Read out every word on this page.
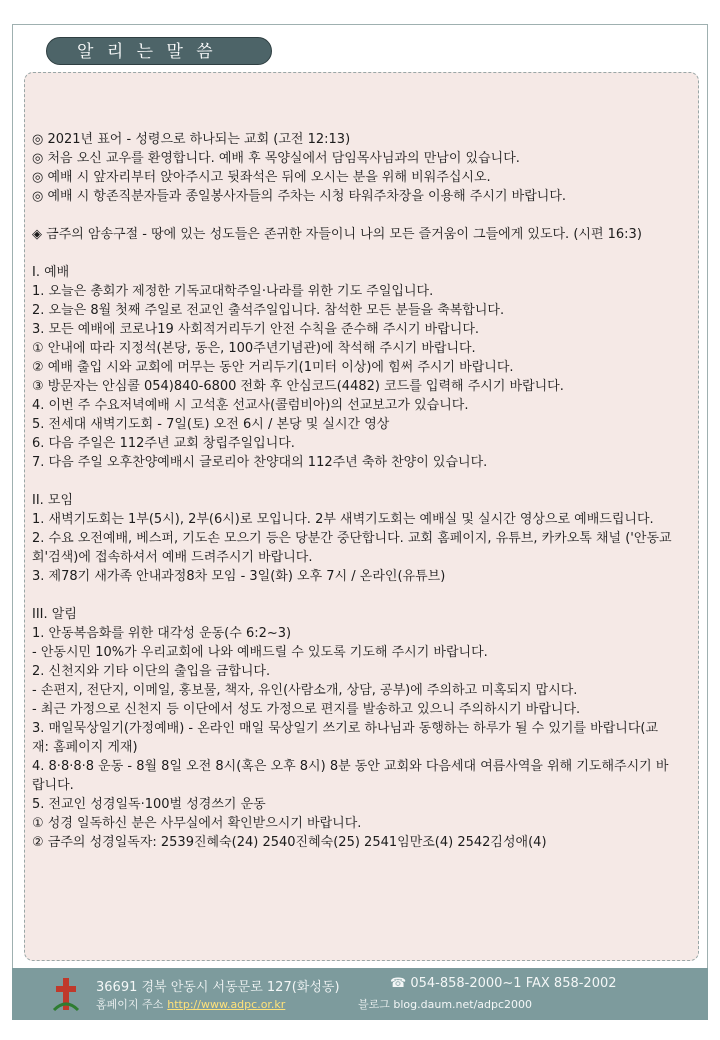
알 리 는 말 씀
◎ 2021년 표어 - 성령으로 하나되는 교회 (고전 12:13)
◎ 처음 오신 교우를 환영합니다. 예배 후 목양실에서 담임목사님과의 만남이 있습니다.
◎ 예배 시 앞자리부터 앉아주시고 뒷좌석은 뒤에 오시는 분을 위해 비워주십시오.
◎ 예배 시 항존직분자들과 종일봉사자들의 주차는 시청 타워주차장을 이용해 주시기 바랍니다.
◈ 금주의 암송구절 - 땅에 있는 성도들은 존귀한 자들이니 나의 모든 즐거움이 그들에게 있도다. (시편 16:3)
I. 예배
1. 오늘은 총회가 제정한 기독교대학주일·나라를 위한 기도 주일입니다.
2. 오늘은 8월 첫째 주일로 전교인 출석주일입니다. 참석한 모든 분들을 축복합니다.
3. 모든 예배에 코로나19 사회적거리두기 안전 수칙을 준수해 주시기 바랍니다.
① 안내에 따라 지정석(본당, 동은, 100주년기념관)에 착석해 주시기 바랍니다.
② 예배 출입 시와 교회에 머무는 동안 거리두기(1미터 이상)에 힘써 주시기 바랍니다.
③ 방문자는 안심콜 054)840-6800 전화 후 안심코드(4482) 코드를 입력해 주시기 바랍니다.
4. 이번 주 수요저녁예배 시 고석훈 선교사(콜럼비아)의 선교보고가 있습니다.
5. 전세대 새벽기도회 - 7일(토) 오전 6시 / 본당 및 실시간 영상
6. 다음 주일은 112주년 교회 창립주일입니다.
7. 다음 주일 오후찬양예배시 글로리아 찬양대의 112주년 축하 찬양이 있습니다.
II. 모임
1. 새벽기도회는 1부(5시), 2부(6시)로 모입니다. 2부 새벽기도회는 예배실 및 실시간 영상으로 예배드립니다.
2. 수요 오전예배, 베스퍼, 기도손 모으기 등은 당분간 중단합니다. 교회 홈페이지, 유튜브, 카카오톡 채널 ('안동교회'검색)에 접속하셔서 예배 드려주시기 바랍니다.
3. 제78기 새가족 안내과정8차 모임 - 3일(화) 오후 7시 / 온라인(유튜브)
III. 알림
1. 안동복음화를 위한 대각성 운동(수 6:2~3)
- 안동시민 10%가 우리교회에 나와 예배드릴 수 있도록 기도해 주시기 바랍니다.
2. 신천지와 기타 이단의 출입을 금합니다.
- 손편지, 전단지, 이메일, 홍보물, 책자, 유인(사람소개, 상담, 공부)에 주의하고 미혹되지 맙시다.
- 최근 가정으로 신천지 등 이단에서 성도 가정으로 편지를 발송하고 있으니 주의하시기 바랍니다.
3. 매일묵상일기(가정예배) - 온라인 매일 묵상일기 쓰기로 하나님과 동행하는 하루가 될 수 있기를 바랍니다(교재: 홈페이지 게재)
4. 8·8·8·8 운동 - 8월 8일 오전 8시(혹은 오후 8시) 8분 동안 교회와 다음세대 여름사역을 위해 기도해주시기 바랍니다.
5. 전교인 성경일독·100벌 성경쓰기 운동
① 성경 일독하신 분은 사무실에서 확인받으시기 바랍니다.
② 금주의 성경일독자: 2539진혜숙(24) 2540진혜숙(25) 2541임만조(4) 2542김성애(4)
36691 경북 안동시 서동문로 127(화성동)	☎ 054-858-2000~1 FAX 858-2002
홈페이지 주소 http://www.adpc.or.kr	블로그 blog.daum.net/adpc2000
